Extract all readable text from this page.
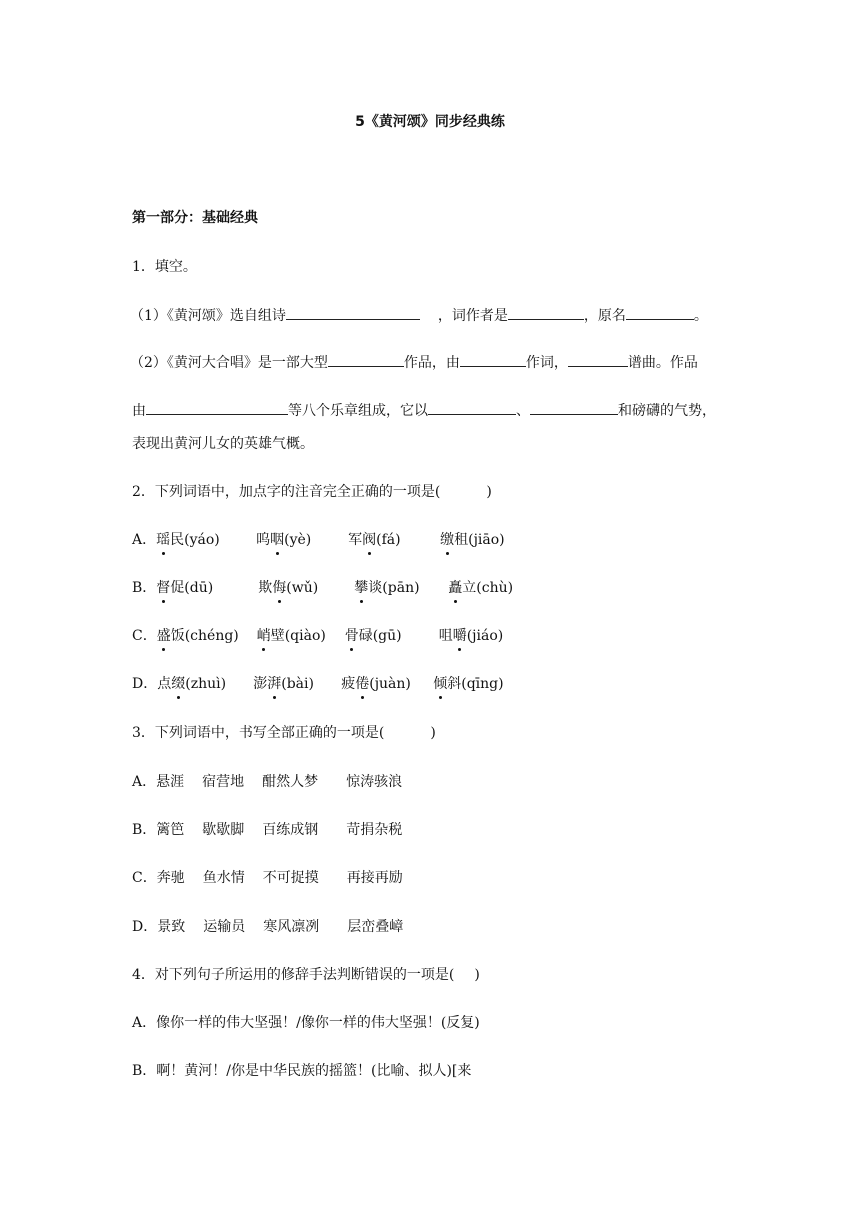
5《黄河颂》同步经典练
第一部分：基础经典
1．填空。
（1）《黄河颂》选自组诗	，词作者是	，原名	。
（2）《黄河大合唱》是一部大型	作品，由	作词，	谱曲。作品
由	等八个乐章组成，它以	、	和磅礴的气势，
表现出黄河儿女的英雄气概。
2．下列词语中，加点字的注音完全正确的一项是(	)
A．瑶民(yáo)	呜咽(yè)	军阀(fá)	缴租(jiāo)
B．督促(dū)	欺侮(wǔ)	攀谈(pān) 矗立(chù)
C．盛饭(chéng) 峭壁(qiào) 骨碌(gū)	咀嚼(jiáo)
D．点缀(zhuì) 澎湃(bài) 疲倦(juàn) 倾斜(qīng)
3．下列词语中，书写全部正确的一项是(	)
A．悬涯 宿营地 酣然人梦 惊涛骇浪
B．篱笆 歇歇脚 百练成钢 苛捐杂税
C．奔驰 鱼水情 不可捉摸 再接再励
D．景致 运输员 寒风凛冽 层峦叠嶂
4．对下列句子所运用的修辞手法判断错误的一项是( )
A．像你一样的伟大坚强！/像你一样的伟大坚强！(反复)
B．啊！黄河！/你是中华民族的摇篮！(比喻、拟人)[来
